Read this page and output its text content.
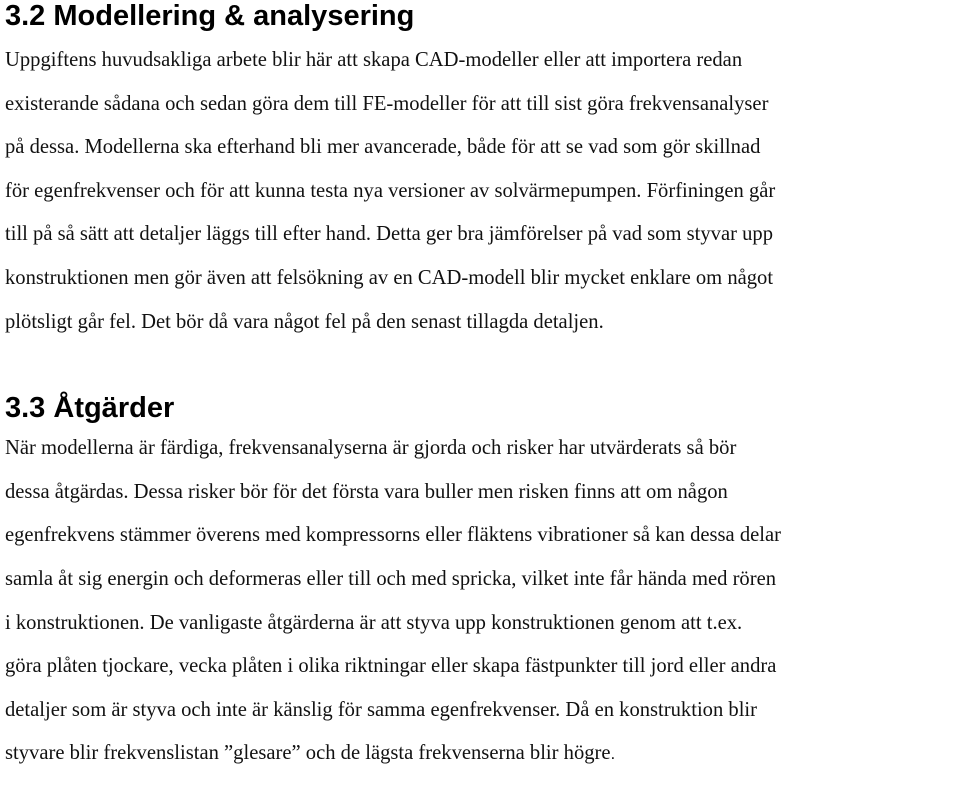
3.2 Modellering & analysering

Uppgiftens huvudsakliga arbete blir här att skapa CAD-modeller eller att importera redan
existerande sådana och sedan göra dem till FE-modeller för att till sist göra frekvensanalyser
på dessa. Modellerna ska efterhand bli mer avancerade, både för att se vad som gör skillnad
för egenfrekvenser och för att kunna testa nya versioner av solvärmepumpen. Förfiningen går
till på så sätt att detaljer läggs till efter hand. Detta ger bra jämförelser på vad som styvar upp
konstruktionen men gör även att felsökning av en CAD-modell blir mycket enklare om något
plötsligt går fel. Det bör då vara något fel på den senast tillagda detaljen.

3.3 Åtgärder

När modellerna är färdiga, frekvensanalyserna är gjorda och risker har utvärderats så bör
dessa åtgärdas. Dessa risker bör för det första vara buller men risken finns att om någon
egenfrekvens stämmer överens med kompressorns eller fläktens vibrationer så kan dessa delar
samla åt sig energin och deformeras eller till och med spricka, vilket inte får hända med rören
i konstruktionen. De vanligaste åtgärderna är att styva upp konstruktionen genom att t.ex.
göra plåten tjockare, vecka plåten i olika riktningar eller skapa fästpunkter till jord eller andra
detaljer som är styva och inte är känslig för samma egenfrekvenser. Då en konstruktion blir
styvare blir frekvenslistan ”glesare” och de lägsta frekvenserna blir högre.
